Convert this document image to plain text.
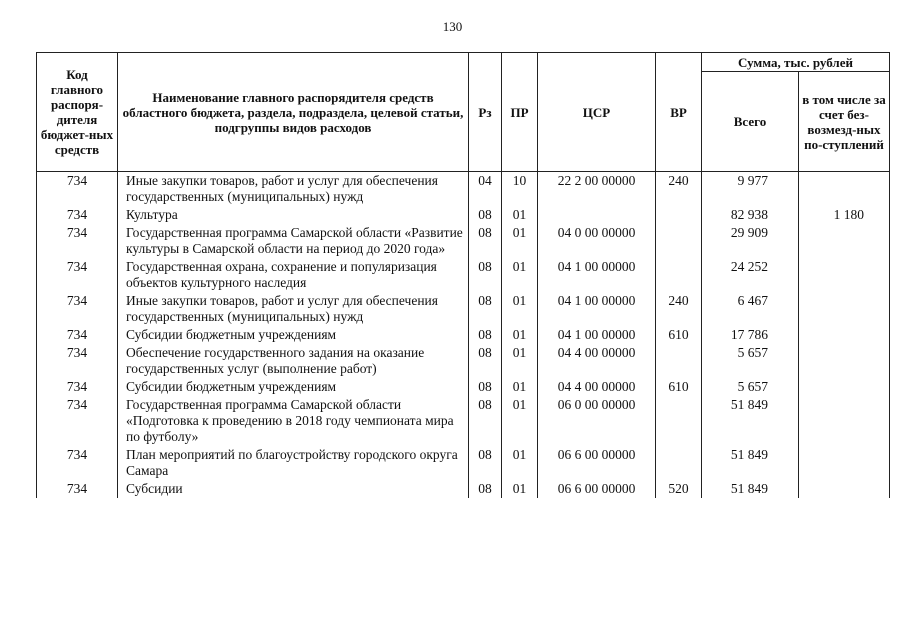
130
Код главного распоря-дителя бюджет-ных средств	Наименование главного распорядителя средств областного бюджета, раздела, подраздела, целевой статьи, подгруппы видов расходов	Рз	ПР	ЦСР	ВР	Сумма, тыс. рублей	
						Всего	в том числе за счет без-возмезд-ных по-ступлений
734	Иные закупки товаров, работ и услуг для обеспечения государственных (муниципальных) нужд	04	10	22 2 00 00000	240	9 977	
734	Культура	08	01			82 938	1 180
734	Государственная программа Самарской области «Развитие культуры в Самарской области на период до 2020 года»	08	01	04 0 00 00000		29 909	
734	Государственная охрана, сохранение и популяризация объектов культурного наследия	08	01	04 1 00 00000		24 252	
734	Иные закупки товаров, работ и услуг для обеспечения государственных (муниципальных) нужд	08	01	04 1 00 00000	240	6 467	
734	Субсидии бюджетным учреждениям	08	01	04 1 00 00000	610	17 786	
734	Обеспечение государственного задания на оказание государственных услуг (выполнение работ)	08	01	04 4 00 00000		5 657	
734	Субсидии бюджетным учреждениям	08	01	04 4 00 00000	610	5 657	
734	Государственная программа Самарской области «Подготовка к проведению в 2018 году чемпионата мира по футболу»	08	01	06 0 00 00000		51 849	
734	План мероприятий по благоустройству городского округа Самара	08	01	06 6 00 00000		51 849	
734	Субсидии	08	01	06 6 00 00000	520	51 849	
